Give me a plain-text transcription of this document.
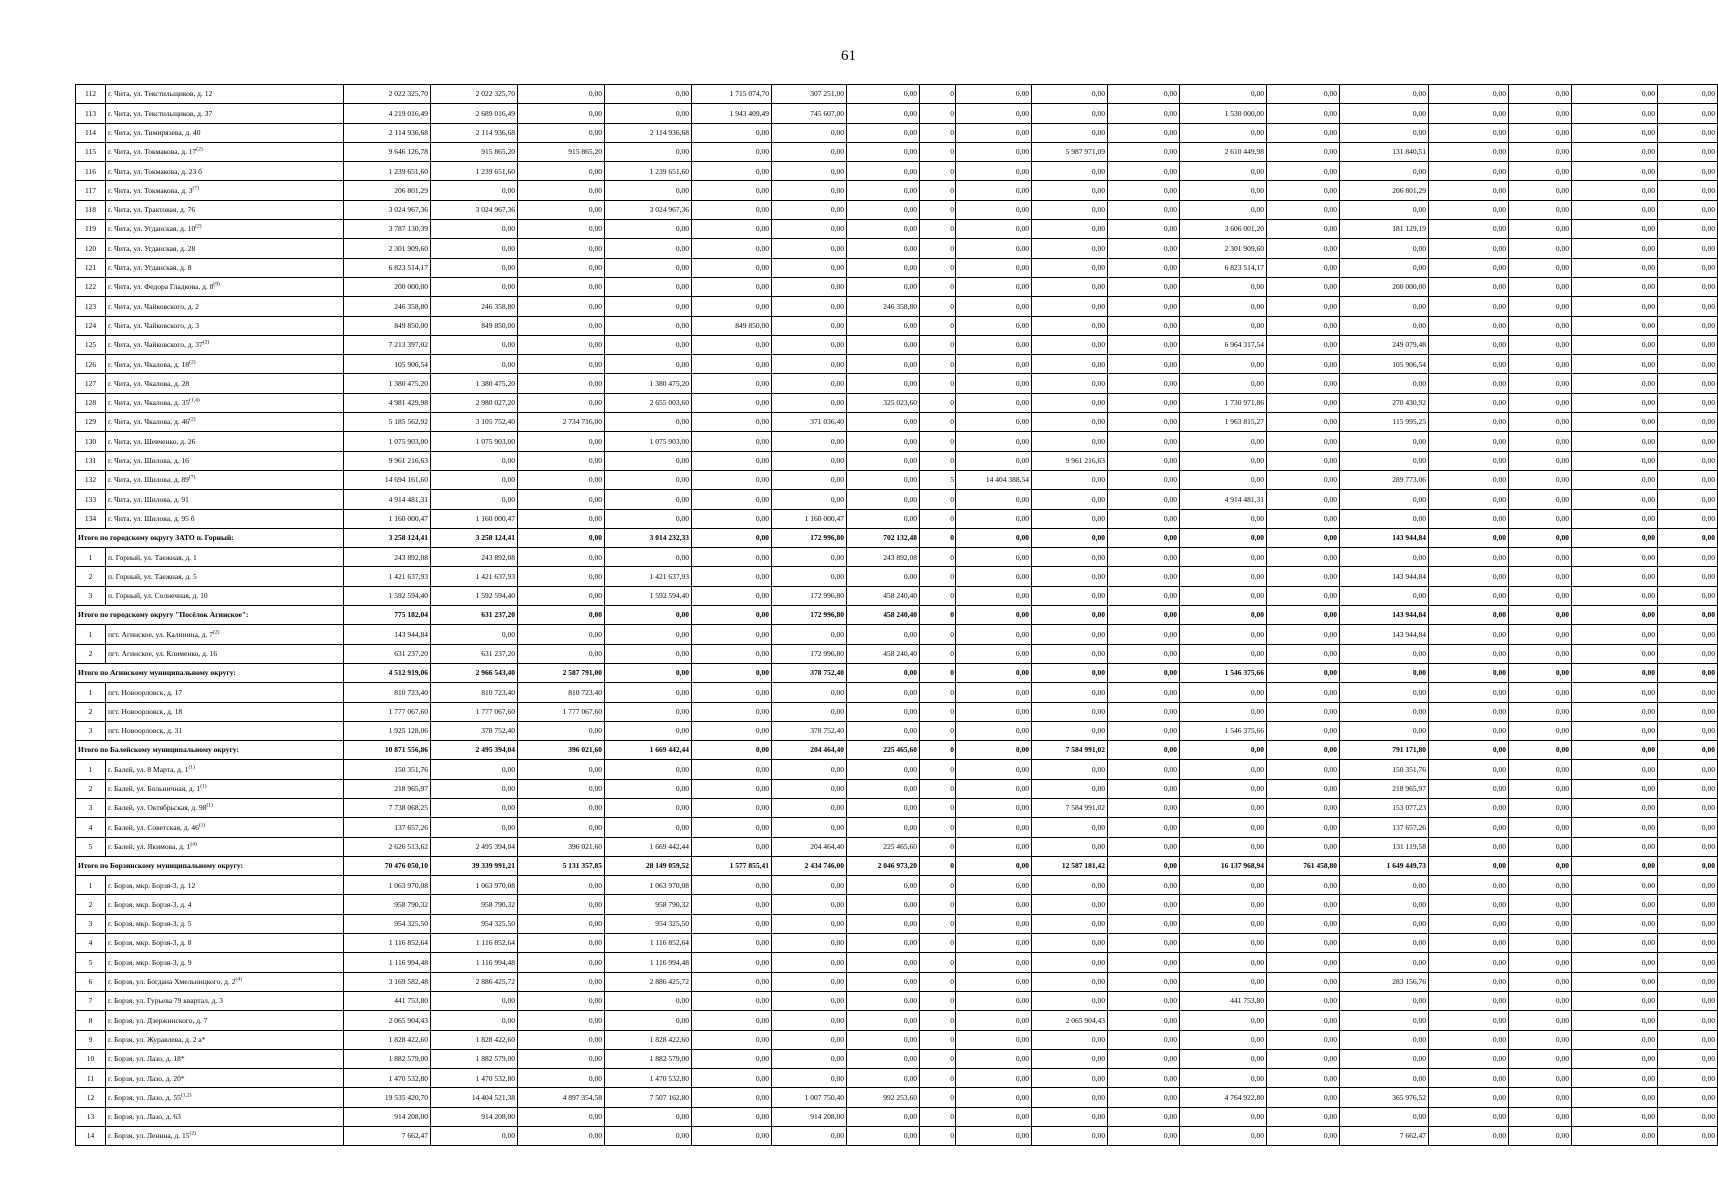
61
112	г. Чита, ул. Текстильщиков, д. 12	2 022 325,70	2 022 325,70	0,00	0,00	1 715 074,70	307 251,00	0,00	0	0,00	0,00	0,00	0,00	0,00	0,00	0,00	0,00	0,00	0,00
113	г. Чита, ул. Текстильщиков, д. 37	4 219 016,49	2 689 016,49	0,00	0,00	1 943 409,49	745 607,00	0,00	0	0,00	0,00	0,00	1 530 000,00	0,00	0,00	0,00	0,00	0,00	0,00
114	г. Чита, ул. Тимирязева, д. 40	2 114 936,68	2 114 936,68	0,00	2 114 936,68	0,00	0,00	0,00	0	0,00	0,00	0,00	0,00	0,00	0,00	0,00	0,00	0,00	0,00
115	г. Чита, ул. Токмакова, д. 17$^{(2)}$	9 646 126,78	915 865,20	915 865,20	0,00	0,00	0,00	0,00	0	0,00	5 987 971,09	0,00	2 610 449,98	0,00	131 840,51	0,00	0,00	0,00	0,00
116	г. Чита, ул. Токмакова, д. 23 б	1 239 651,60	1 239 651,60	0,00	1 239 651,60	0,00	0,00	0,00	0	0,00	0,00	0,00	0,00	0,00	0,00	0,00	0,00	0,00	0,00
117	г. Чита, ул. Токмакова, д. 3$^{(7)}$	206 801,29	0,00	0,00	0,00	0,00	0,00	0,00	0	0,00	0,00	0,00	0,00	0,00	206 801,29	0,00	0,00	0,00	0,00
118	г. Чита, ул. Трактовая, д. 76	3 024 967,36	3 024 967,36	0,00	3 024 967,36	0,00	0,00	0,00	0	0,00	0,00	0,00	0,00	0,00	0,00	0,00	0,00	0,00	0,00
119	г. Чита, ул. Угданская, д. 10$^{(2)}$	3 787 130,39	0,00	0,00	0,00	0,00	0,00	0,00	0	0,00	0,00	0,00	3 606 001,20	0,00	181 129,19	0,00	0,00	0,00	0,00
120	г. Чита, ул. Угданская, д. 28	2 301 909,60	0,00	0,00	0,00	0,00	0,00	0,00	0	0,00	0,00	0,00	2 301 909,60	0,00	0,00	0,00	0,00	0,00	0,00
121	г. Чита, ул. Угданская, д. 8	6 823 514,17	0,00	0,00	0,00	0,00	0,00	0,00	0	0,00	0,00	0,00	6 823 514,17	0,00	0,00	0,00	0,00	0,00	0,00
122	г. Чита, ул. Федора Гладкова, д. 8$^{(9)}$	200 000,00	0,00	0,00	0,00	0,00	0,00	0,00	0	0,00	0,00	0,00	0,00	0,00	200 000,00	0,00	0,00	0,00	0,00
123	г. Чита, ул. Чайковского, д. 2	246 358,80	246 358,80	0,00	0,00	0,00	0,00	246 358,80	0	0,00	0,00	0,00	0,00	0,00	0,00	0,00	0,00	0,00	0,00
124	г. Чита, ул. Чайковского, д. 3	849 850,00	849 850,00	0,00	0,00	849 850,00	0,00	0,00	0	0,00	0,00	0,00	0,00	0,00	0,00	0,00	0,00	0,00	0,00
125	г. Чита, ул. Чайковского, д. 37$^{(2)}$	7 213 397,02	0,00	0,00	0,00	0,00	0,00	0,00	0	0,00	0,00	0,00	6 964 317,54	0,00	249 079,48	0,00	0,00	0,00	0,00
126	г. Чита, ул. Чкалова, д. 18$^{(2)}$	105 906,54	0,00	0,00	0,00	0,00	0,00	0,00	0	0,00	0,00	0,00	0,00	0,00	105 906,54	0,00	0,00	0,00	0,00
127	г. Чита, ул. Чкалова, д. 28	1 380 475,20	1 380 475,20	0,00	1 380 475,20	0,00	0,00	0,00	0	0,00	0,00	0,00	0,00	0,00	0,00	0,00	0,00	0,00	0,00
128	г. Чита, ул. Чкалова, д. 35$^{(1,4)}$	4 981 429,98	2 980 027,20	0,00	2 655 003,60	0,00	0,00	325 023,60	0	0,00	0,00	0,00	1 730 971,86	0,00	270 430,92	0,00	0,00	0,00	0,00
129	г. Чита, ул. Чкалова, д. 46$^{(2)}$	5 185 562,92	3 105 752,40	2 734 716,00	0,00	0,00	371 036,40	0,00	0	0,00	0,00	0,00	1 963 815,27	0,00	115 995,25	0,00	0,00	0,00	0,00
130	г. Чита, ул. Шевченко, д. 26	1 075 903,00	1 075 903,00	0,00	1 075 903,00	0,00	0,00	0,00	0	0,00	0,00	0,00	0,00	0,00	0,00	0,00	0,00	0,00	0,00
131	г. Чита, ул. Шилова, д. 16	9 961 216,63	0,00	0,00	0,00	0,00	0,00	0,00	0	0,00	9 961 216,63	0,00	0,00	0,00	0,00	0,00	0,00	0,00	0,00
132	г. Чита, ул. Шилова, д. 89$^{(7)}$	14 694 161,60	0,00	0,00	0,00	0,00	0,00	0,00	5	14 404 388,54	0,00	0,00	0,00	0,00	289 773,06	0,00	0,00	0,00	0,00
133	г. Чита, ул. Шилова, д. 91	4 914 481,31	0,00	0,00	0,00	0,00	0,00	0,00	0	0,00	0,00	0,00	4 914 481,31	0,00	0,00	0,00	0,00	0,00	0,00
134	г. Чита, ул. Шилова, д. 95 б	1 160 000,47	1 160 000,47	0,00	0,00	0,00	1 160 000,47	0,00	0	0,00	0,00	0,00	0,00	0,00	0,00	0,00	0,00	0,00	0,00
Итого по городскому округу ЗАТО п. Горный:		3 258 124,41	3 258 124,41	0,00	3 014 232,33	0,00	172 996,80	702 132,48	0	0,00	0,00	0,00	0,00	0,00	143 944,84	0,00	0,00	0,00	0,00
1	п. Горный, ул. Таежная, д. 1	243 892,08	243 892,08	0,00	0,00	0,00	0,00	243 892,08	0	0,00	0,00	0,00	0,00	0,00	0,00	0,00	0,00	0,00	0,00
2	п. Горный, ул. Таежная, д. 5	1 421 637,93	1 421 637,93	0,00	1 421 637,93	0,00	0,00	0,00	0	0,00	0,00	0,00	0,00	0,00	143 944,84	0,00	0,00	0,00	0,00
3	п. Горный, ул. Солнечная, д. 10	1 592 594,40	1 592 594,40	0,00	1 592 594,40	0,00	172 996,80	458 240,40	0	0,00	0,00	0,00	0,00	0,00	0,00	0,00	0,00	0,00	0,00
Итого по городскому округу "Посёлок Агинское":		775 182,04	631 237,20	0,00	0,00	0,00	172 996,80	458 240,40	0	0,00	0,00	0,00	0,00	0,00	143 944,84	0,00	0,00	0,00	0,00
1	пгт. Агинское, ул. Калинина, д. 7$^{(2)}$	143 944,84	0,00	0,00	0,00	0,00	0,00	0,00	0	0,00	0,00	0,00	0,00	0,00	143 944,84	0,00	0,00	0,00	0,00
2	пгт. Агинское, ул. Клименко, д. 16	631 237,20	631 237,20	0,00	0,00	0,00	172 996,80	458 240,40	0	0,00	0,00	0,00	0,00	0,00	0,00	0,00	0,00	0,00	0,00
Итого по Агинскому муниципальному округу:		4 512 919,06	2 966 543,40	2 587 791,00	0,00	0,00	378 752,40	0,00	0	0,00	0,00	0,00	1 546 375,66	0,00	0,00	0,00	0,00	0,00	0,00
1	пгт. Новоорловск, д. 17	810 723,40	810 723,40	810 723,40	0,00	0,00	0,00	0,00	0	0,00	0,00	0,00	0,00	0,00	0,00	0,00	0,00	0,00	0,00
2	пгт. Новоорловск, д. 18	1 777 067,60	1 777 067,60	1 777 067,60	0,00	0,00	0,00	0,00	0	0,00	0,00	0,00	0,00	0,00	0,00	0,00	0,00	0,00	0,00
3	пгт. Новоорловск, д. 31	1 925 128,06	378 752,40	0,00	0,00	0,00	378 752,40	0,00	0	0,00	0,00	0,00	1 546 375,66	0,00	0,00	0,00	0,00	0,00	0,00
Итого по Балейскому муниципальному округу:		10 871 556,86	2 495 394,04	396 021,60	1 669 442,44	0,00	204 464,40	225 465,60	0	0,00	7 584 991,02	0,00	0,00	0,00	791 171,80	0,00	0,00	0,00	0,00
1	г. Балей, ул. 8 Марта, д. 1$^{(1)}$	150 351,76	0,00	0,00	0,00	0,00	0,00	0,00	0	0,00	0,00	0,00	0,00	0,00	150 351,76	0,00	0,00	0,00	0,00
2	г. Балей, ул. Больничная, д. 1$^{(1)}$	218 965,97	0,00	0,00	0,00	0,00	0,00	0,00	0	0,00	0,00	0,00	0,00	0,00	218 965,97	0,00	0,00	0,00	0,00
3	г. Балей, ул. Октябрьская, д. 98$^{(1)}$	7 738 068,25	0,00	0,00	0,00	0,00	0,00	0,00	0	0,00	7 584 991,02	0,00	0,00	0,00	153 077,23	0,00	0,00	0,00	0,00
4	г. Балей, ул. Советская, д. 46$^{(1)}$	137 657,26	0,00	0,00	0,00	0,00	0,00	0,00	0	0,00	0,00	0,00	0,00	0,00	137 657,26	0,00	0,00	0,00	0,00
5	г. Балей, ул. Якимова, д. 1$^{(4)}$	2 626 513,62	2 495 394,04	396 021,60	1 669 442,44	0,00	204 464,40	225 465,60	0	0,00	0,00	0,00	0,00	0,00	131 119,58	0,00	0,00	0,00	0,00
Итого по Борзинскому муниципальному округу:		70 476 050,10	39 339 991,21	5 131 357,85	28 149 059,52	1 577 855,41	2 434 746,00	2 046 973,20	0	0,00	12 587 181,42	0,00	16 137 968,94	761 458,80	1 649 449,73	0,00	0,00	0,00	0,00
1	г. Борзя, мкр. Борзя-3, д. 12	1 063 970,08	1 063 970,08	0,00	1 063 970,08	0,00	0,00	0,00	0	0,00	0,00	0,00	0,00	0,00	0,00	0,00	0,00	0,00	0,00
2	г. Борзя, мкр. Борзя-3, д. 4	958 790,32	958 790,32	0,00	958 790,32	0,00	0,00	0,00	0	0,00	0,00	0,00	0,00	0,00	0,00	0,00	0,00	0,00	0,00
3	г. Борзя, мкр. Борзя-3, д. 5	954 325,50	954 325,50	0,00	954 325,50	0,00	0,00	0,00	0	0,00	0,00	0,00	0,00	0,00	0,00	0,00	0,00	0,00	0,00
4	г. Борзя, мкр. Борзя-3, д. 8	1 116 852,64	1 116 852,64	0,00	1 116 852,64	0,00	0,00	0,00	0	0,00	0,00	0,00	0,00	0,00	0,00	0,00	0,00	0,00	0,00
5	г. Борзя, мкр. Борзя-3, д. 9	1 116 994,48	1 116 994,48	0,00	1 116 994,48	0,00	0,00	0,00	0	0,00	0,00	0,00	0,00	0,00	0,00	0,00	0,00	0,00	0,00
6	г. Борзя, ул. Богдана Хмельницкого, д. 2$^{(4)}$	3 169 582,48	2 886 425,72	0,00	2 886 425,72	0,00	0,00	0,00	0	0,00	0,00	0,00	0,00	0,00	283 156,76	0,00	0,00	0,00	0,00
7	г. Борзя, ул. Гурьева 79 квартал, д. 3	441 753,80	0,00	0,00	0,00	0,00	0,00	0,00	0	0,00	0,00	0,00	441 753,80	0,00	0,00	0,00	0,00	0,00	0,00
8	г. Борзя, ул. Дзержинского, д. 7	2 065 904,43	0,00	0,00	0,00	0,00	0,00	0,00	0	0,00	2 065 904,43	0,00	0,00	0,00	0,00	0,00	0,00	0,00	0,00
9	г. Борзя, ул. Журавлева, д. 2 а*	1 828 422,60	1 828 422,60	0,00	1 828 422,60	0,00	0,00	0,00	0	0,00	0,00	0,00	0,00	0,00	0,00	0,00	0,00	0,00	0,00
10	г. Борзя, ул. Лазо, д. 18*	1 882 579,00	1 882 579,00	0,00	1 882 579,00	0,00	0,00	0,00	0	0,00	0,00	0,00	0,00	0,00	0,00	0,00	0,00	0,00	0,00
11	г. Борзя, ул. Лазо, д. 20*	1 470 532,80	1 470 532,80	0,00	1 470 532,80	0,00	0,00	0,00	0	0,00	0,00	0,00	0,00	0,00	0,00	0,00	0,00	0,00	0,00
12	г. Борзя, ул. Лазо, д. 55$^{(1,2)}$	19 535 420,70	14 404 521,38	4 897 354,58	7 507 162,80	0,00	1 007 750,40	992 253,60	0	0,00	0,00	0,00	4 764 922,80	0,00	365 976,52	0,00	0,00	0,00	0,00
13	г. Борзя, ул. Лазо, д. 63	914 208,00	914 208,00	0,00	0,00	0,00	914 208,00	0,00	0	0,00	0,00	0,00	0,00	0,00	0,00	0,00	0,00	0,00	0,00
14	г. Борзя, ул. Ленина, д. 15$^{(2)}$	7 662,47	0,00	0,00	0,00	0,00	0,00	0,00	0	0,00	0,00	0,00	0,00	0,00	7 662,47	0,00	0,00	0,00	0,00
